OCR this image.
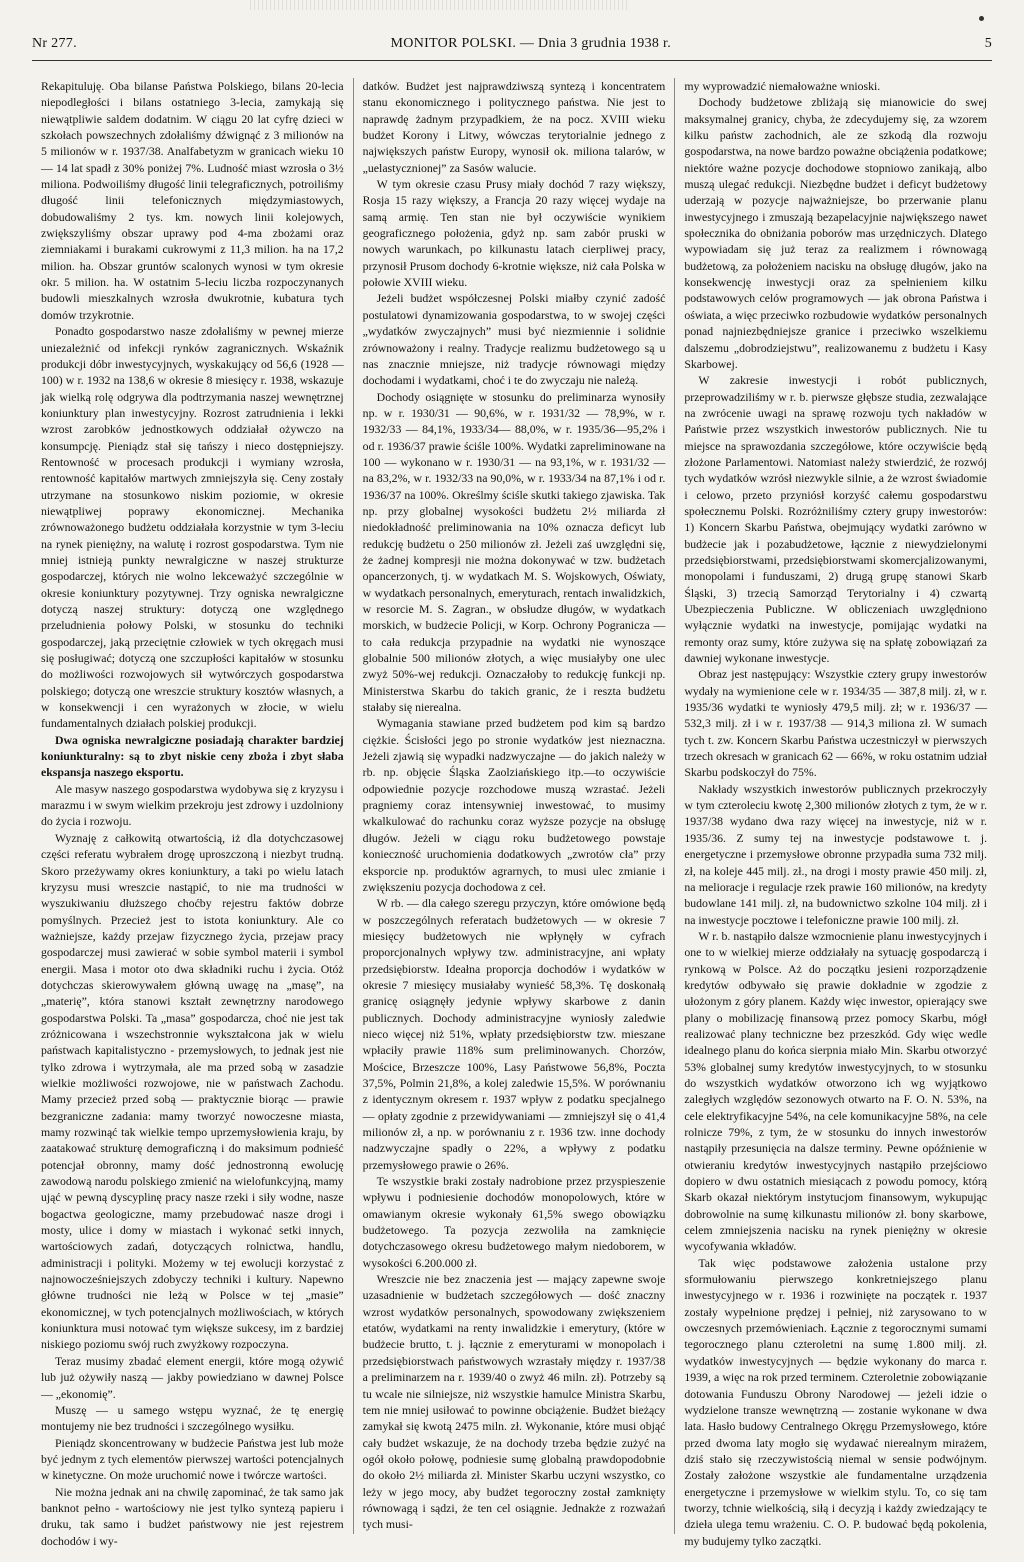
Nr 277.	MONITOR POLSKI. — Dnia 3 grudnia 1938 r.	5

Rekapituluję. Oba bilanse Państwa Polskiego, bilans 20-lecia niepodległości i bilans ostatniego 3-lecia, zamykają się niewątpliwie saldem dodatnim. W ciągu 20 lat cyfrę dzieci w szkołach powszechnych zdołaliśmy dźwignąć z 3 milionów na 5 milionów w r. 1937/38. Analfabetyzm w granicach wieku 10 — 14 lat spadł z 30% poniżej 7%. Ludność miast wzrosła o 3½ miliona. Podwoiliśmy długość linii telegraficznych, potroiliśmy długość linii telefonicznych międzymiastowych, dobudowaliśmy 2 tys. km. nowych linii kolejowych, zwiększyliśmy obszar uprawy pod 4-ma zbożami oraz ziemniakami i burakami cukrowymi z 11,3 milion. ha na 17,2 milion. ha. Obszar gruntów scalonych wynosi w tym okresie okr. 5 milion. ha. W ostatnim 5-leciu liczba rozpoczynanych budowli mieszkalnych wzrosła dwukrotnie, kubatura tych domów trzykrotnie.

Ponadto gospodarstwo nasze zdołaliśmy w pewnej mierze uniezależnić od infekcji rynków zagranicznych. Wskaźnik produkcji dóbr inwestycyjnych, wyskakujący od 56,6 (1928 — 100) w r. 1932 na 138,6 w okresie 8 miesięcy r. 1938, wskazuje jak wielką rolę odgrywa dla podtrzymania naszej wewnętrznej koniunktury plan inwestycyjny. Rozrost zatrudnienia i lekki wzrost zarobków jednostkowych oddziałał ożywczo na konsumpcję. Pieniądz stał się tańszy i nieco dostępniejszy. Rentowność w procesach produkcji i wymiany wzrosła, rentowność kapitałów martwych zmniejszyła się. Ceny zostały utrzymane na stosunkowo niskim poziomie, w okresie niewątpliwej poprawy ekonomicznej. Mechanika zrównoważonego budżetu oddziałała korzystnie w tym 3-leciu na rynek pieniężny, na walutę i rozrost gospodarstwa. Tym nie mniej istnieją punkty newralgiczne w naszej strukturze gospodarczej, których nie wolno lekceważyć szczególnie w okresie koniunktury pozytywnej. Trzy ogniska newralgiczne dotyczą naszej struktury: dotyczą one względnego przeludnienia połowy Polski, w stosunku do techniki gospodarczej, jaką przeciętnie człowiek w tych okręgach musi się posługiwać; dotyczą one szczupłości kapitałów w stosunku do możliwości rozwojowych sił wytwórczych gospodarstwa polskiego; dotyczą one wreszcie struktury kosztów własnych, a w konsekwencji i cen wyrażonych w złocie, w wielu fundamentalnych działach polskiej produkcji.

Dwa ogniska newralgiczne posiadają charakter bardziej koniunkturalny: są to zbyt niskie ceny zboża i zbyt słaba ekspansja naszego eksportu.

Ale masyw naszego gospodarstwa wydobywa się z kryzysu i marazmu i w swym wielkim przekroju jest zdrowy i uzdolniony do życia i rozwoju.

Wyznaję z całkowitą otwartością, iż dla dotychczasowej części referatu wybrałem drogę uproszczoną i niezbyt trudną. Skoro przeżywamy okres koniunktury, a taki po wielu latach kryzysu musi wreszcie nastąpić, to nie ma trudności w wyszukiwaniu dłuższego choćby rejestru faktów dobrze pomyślnych. Przecież jest to istota koniunktury. Ale co ważniejsze, każdy przejaw fizycznego życia, przejaw pracy gospodarczej musi zawierać w sobie symbol materii i symbol energii. Masa i motor oto dwa składniki ruchu i życia. Otóż dotychczas skierowywałem główną uwagę na „masę”, na „materię”, która stanowi kształt zewnętrzny narodowego gospodarstwa Polski. Ta „masa” gospodarcza, choć nie jest tak zróżnicowana i wszechstronnie wykształcona jak w wielu państwach kapitalistyczno - przemysłowych, to jednak jest nie tylko zdrowa i wytrzymała, ale ma przed sobą w zasadzie wielkie możliwości rozwojowe, nie w państwach Zachodu. Mamy przecież przed sobą — praktycznie biorąc — prawie bezgraniczne zadania: mamy tworzyć nowoczesne miasta, mamy rozwinąć tak wielkie tempo uprzemysłowienia kraju, by zaatakować strukturę demograficzną i do maksimum podnieść potencjał obronny, mamy dość jednostronną ewolucję zawodową narodu polskiego zmienić na wielofunkcyjną, mamy ująć w pewną dyscyplinę pracy nasze rzeki i siły wodne, nasze bogactwa geologiczne, mamy przebudować nasze drogi i mosty, ulice i domy w miastach i wykonać setki innych, wartościowych zadań, dotyczących rolnictwa, handlu, administracji i polityki. Możemy w tej ewolucji korzystać z najnowocześniejszych zdobyczy techniki i kultury. Napewno główne trudności nie leżą w Polsce w tej „masie” ekonomicznej, w tych potencjalnych możliwościach, w których koniunktura musi notować tym większe sukcesy, im z bardziej niskiego poziomu swój ruch zwyżkowy rozpoczyna.

Teraz musimy zbadać element energii, które mogą ożywić lub już ożywiły naszą — jakby powiedziano w dawnej Polsce — „ekonomię”.

Muszę — u samego wstępu wyznać, że tę energię montujemy nie bez trudności i szczególnego wysiłku.

Pieniądz skoncentrowany w budżecie Państwa jest lub może być jednym z tych elementów pierwszej wartości potencjalnych w kinetyczne. On może uruchomić nowe i twórcze wartości.

Nie można jednak ani na chwilę zapominać, że tak samo jak banknot pełno - wartościowy nie jest tylko syntezą papieru i druku, tak samo i budżet państwowy nie jest rejestrem dochodów i wy-

datków. Budżet jest najprawdziwszą syntezą i koncentratem stanu ekonomicznego i politycznego państwa. Nie jest to naprawdę żadnym przypadkiem, że na pocz. XVIII wieku budżet Korony i Litwy, wówczas terytorialnie jednego z największych państw Europy, wynosił ok. miliona talarów, w „uelastycznionej” za Sasów walucie.

W tym okresie czasu Prusy miały dochód 7 razy większy, Rosja 15 razy większy, a Francja 20 razy więcej wydaje na samą armię. Ten stan nie był oczywiście wynikiem geograficznego położenia, gdyż np. sam zabór pruski w nowych warunkach, po kilkunastu latach cierpliwej pracy, przynosił Prusom dochody 6-krotnie większe, niż cała Polska w połowie XVIII wieku.

Jeżeli budżet współczesnej Polski miałby czynić zadość postulatowi dynamizowania gospodarstwa, to w swojej części „wydatków zwyczajnych” musi być niezmiennie i solidnie zrównoważony i realny. Tradycje realizmu budżetowego są u nas znacznie mniejsze, niż tradycje równowagi między dochodami i wydatkami, choć i te do zwyczaju nie należą.

Dochody osiągnięte w stosunku do preliminarza wynosiły np. w r. 1930/31 — 90,6%, w r. 1931/32 — 78,9%, w r. 1932/33 — 84,1%, 1933/34— 88,0%, w r. 1935/36—95,2% i od r. 1936/37 prawie ściśle 100%. Wydatki zapreliminowane na 100 — wykonano w r. 1930/31 — na 93,1%, w r. 1931/32 — na 83,2%, w r. 1932/33 na 90,0%, w r. 1933/34 na 87,1% i od r. 1936/37 na 100%. Określmy ściśle skutki takiego zjawiska. Tak np. przy globalnej wysokości budżetu 2½ miliarda zł niedokładność preliminowania na 10% oznacza deficyt lub redukcję budżetu o 250 milionów zł. Jeżeli zaś uwzględni się, że żadnej kompresji nie można dokonywać w tzw. budżetach opancerzonych, tj. w wydatkach M. S. Wojskowych, Oświaty, w wydatkach personalnych, emeryturach, rentach inwalidzkich, w resorcie M. S. Zagran., w obsłudze długów, w wydatkach morskich, w budżecie Policji, w Korp. Ochrony Pogranicza — to cała redukcja przypadnie na wydatki nie wynoszące globalnie 500 milionów złotych, a więc musiałyby one ulec zwyż 50%-wej redukcji. Oznaczałoby to redukcję funkcji np. Ministerstwa Skarbu do takich granic, że i reszta budżetu stałaby się nierealna.

Wymagania stawiane przed budżetem pod kim są bardzo ciężkie. Ścisłości jego po stronie wydatków jest nieznaczna. Jeżeli zjawią się wypadki nadzwyczajne — do jakich należy w rb. np. objęcie Śląska Zaolziańskiego itp.—to oczywiście odpowiednie pozycje rozchodowe muszą wzrastać. Jeżeli pragniemy coraz intensywniej inwestować, to musimy wkalkulować do rachunku coraz wyższe pozycje na obsługę długów. Jeżeli w ciągu roku budżetowego powstaje konieczność uruchomienia dodatkowych „zwrotów cła” przy eksporcie np. produktów agrarnych, to musi ulec zmianie i zwiększeniu pozycja dochodowa z ceł.

W rb. — dla całego szeregu przyczyn, które omówione będą w poszczególnych referatach budżetowych — w okresie 7 miesięcy budżetowych nie wpłynęły w cyfrach proporcjonalnych wpływy tzw. administracyjne, ani wpłaty przedsiębiorstw. Ideałna proporcja dochodów i wydatków w okresie 7 miesięcy musiałaby wynieść 58,3%. Tę doskonałą granicę osiągnęły jedynie wpływy skarbowe z danin publicznych. Dochody administracyjne wyniosły zaledwie nieco więcej niż 51%, wpłaty przedsiębiorstw tzw. mieszane wpłaciły prawie 118% sum preliminowanych. Chorzów, Mościce, Brzeszcze 100%, Lasy Państwowe 56,8%, Poczta 37,5%, Polmin 21,8%, a kolej zaledwie 15,5%. W porównaniu z identycznym okresem r. 1937 wpływ z podatku specjalnego — opłaty zgodnie z przewidywaniami — zmniejszył się o 41,4 milionów zł, a np. w porównaniu z r. 1936 tzw. inne dochody nadzwyczajne spadły o 22%, a wpływy z podatku przemysłowego prawie o 26%.

Te wszystkie braki zostały nadrobione przez przyspieszenie wpływu i podniesienie dochodów monopolowych, które w omawianym okresie wykonały 61,5% swego obowiązku budżetowego. Ta pozycja zezwoliła na zamknięcie dotychczasowego okresu budżetowego małym niedoborem, w wysokości 6.200.000 zł.

Wreszcie nie bez znaczenia jest — mający zapewne swoje uzasadnienie w budżetach szczegółowych — dość znaczny wzrost wydatków personalnych, spowodowany zwiększeniem etatów, wydatkami na renty inwalidzkie i emerytury, (które w budżecie brutto, t. j. łącznie z emeryturami w monopolach i przedsiębiorstwach państwowych wzrastały między r. 1937/38 a preliminarzem na r. 1939/40 o zwyż 46 miln. zł). Potrzeby są tu wcale nie silniejsze, niż wszystkie hamulce Ministra Skarbu, tem nie mniej usiłować to powinne obciążenie. Budżet bieżący zamykał się kwotą 2475 miln. zł. Wykonanie, które musi objąć cały budżet wskazuje, że na dochody trzeba będzie zużyć na ogół około połowę, podniesie sumę globalną prawdopodobnie do około 2½ miliarda zł. Minister Skarbu uczyni wszystko, co leży w jego mocy, aby budżet tegoroczny został zamknięty równowagą i sądzi, że ten cel osiągnie. Jednakże z rozważań tych musi-

my wyprowadzić niemałoważne wnioski.

Dochody budżetowe zbliżają się mianowicie do swej maksymalnej granicy, chyba, że zdecydujemy się, za wzorem kilku państw zachodnich, ale ze szkodą dla rozwoju gospodarstwa, na nowe bardzo poważne obciążenia podatkowe; niektóre ważne pozycje dochodowe stopniowo zanikają, albo muszą ulegać redukcji. Niezbędne budżet i deficyt budżetowy uderzają w pozycje najważniejsze, bo przerwanie planu inwestycyjnego i zmuszają bezapelacyjnie największego nawet społecznika do obniżania poborów mas urzędniczych. Dlatego wypowiadam się już teraz za realizmem i równowagą budżetową, za położeniem nacisku na obsługę długów, jako na konsekwencję inwestycji oraz za spełnieniem kilku podstawowych celów programowych — jak obrona Państwa i oświata, a więc przeciwko rozbudowie wydatków personalnych ponad najniezbędniejsze granice i przeciwko wszelkiemu dalszemu „dobrodziejstwu”, realizowanemu z budżetu i Kasy Skarbowej.

W zakresie inwestycji i robót publicznych, przeprowadziliśmy w r. b. pierwsze głębsze studia, zezwalające na zwrócenie uwagi na sprawę rozwoju tych nakładów w Państwie przez wszystkich inwestorów publicznych. Nie tu miejsce na sprawozdania szczegółowe, które oczywiście będą złożone Parlamentowi. Natomiast należy stwierdzić, że rozwój tych wydatków wzrósł niezwykle silnie, a że wzrost świadomie i celowo, przeto przyniósł korzyść całemu gospodarstwu społecznemu Polski. Rozróżniliśmy cztery grupy inwestorów: 1) Koncern Skarbu Państwa, obejmujący wydatki zarówno w budżecie jak i pozabudżetowe, łącznie z niewydzielonymi przedsiębiorstwami, przedsiębiorstwami skomercjalizowanymi, monopolami i funduszami, 2) drugą grupę stanowi Skarb Śląski, 3) trzecią Samorząd Terytorialny i 4) czwartą Ubezpieczenia Publiczne. W obliczeniach uwzględniono wyłącznie wydatki na inwestycje, pomijając wydatki na remonty oraz sumy, które zużywa się na spłatę zobowiązań za dawniej wykonane inwestycje.

Obraz jest następujący: Wszystkie cztery grupy inwestorów wydały na wymienione cele w r. 1934/35 — 387,8 milj. zł, w r. 1935/36 wydatki te wyniosły 479,5 milj. zł; w r. 1936/37 — 532,3 milj. zł i w r. 1937/38 — 914,3 miliona zł. W sumach tych t. zw. Koncern Skarbu Państwa uczestniczył w pierwszych trzech okresach w granicach 62 — 66%, w roku ostatnim udział Skarbu podskoczył do 75%.

Nakłady wszystkich inwestorów publicznych przekroczyły w tym czteroleciu kwotę 2,300 milionów złotych z tym, że w r. 1937/38 wydano dwa razy więcej na inwestycje, niż w r. 1935/36. Z sumy tej na inwestycje podstawowe t. j. energetyczne i przemysłowe obronne przypadła suma 732 milj. zł, na koleje 445 milj. zł., na drogi i mosty prawie 450 milj. zł, na melioracje i regulacje rzek prawie 160 milionów, na kredyty budowlane 141 milj. zł, na budownictwo szkolne 104 milj. zł i na inwestycje pocztowe i telefoniczne prawie 100 milj. zł.

W r. b. nastąpiło dalsze wzmocnienie planu inwestycyjnych i one to w wielkiej mierze oddziałały na sytuację gospodarczą i rynkową w Polsce. Aż do początku jesieni rozporządzenie kredytów odbywało się prawie dokładnie w zgodzie z ułożonym z góry planem. Każdy więc inwestor, opierający swe plany o mobilizację finansową przez pomocy Skarbu, mógł realizować plany techniczne bez przeszkód. Gdy więc wedle idealnego planu do końca sierpnia miało Min. Skarbu otworzyć 53% globalnej sumy kredytów inwestycyjnych, to w stosunku do wszystkich wydatków otworzono ich wg wyjątkowo zaległych względów sezonowych otwarto na F. O. N. 53%, na cele elektryfikacyjne 54%, na cele komunikacyjne 58%, na cele rolnicze 79%, z tym, że w stosunku do innych inwestorów nastąpiły przesunięcia na dalsze terminy. Pewne opóźnienie w otwieraniu kredytów inwestycyjnych nastąpiło przejściowo dopiero w dwu ostatnich miesiącach z powodu pomocy, którą Skarb okazał niektórym instytucjom finansowym, wykupując dobrowolnie na sumę kilkunastu milionów zł. bony skarbowe, celem zmniejszenia nacisku na rynek pieniężny w okresie wycofywania wkładów.

Tak więc podstawowe założenia ustalone przy sformułowaniu pierwszego konkretniejszego planu inwestycyjnego w r. 1936 i rozwinięte na początek r. 1937 zostały wypełnione prędzej i pełniej, niż zarysowano to w owczesnych przemówieniach. Łącznie z tegorocznymi sumami tegorocznego planu czteroletni na sumę 1.800 milj. zł. wydatków inwestycyjnych — będzie wykonany do marca r. 1939, a więc na rok przed terminem. Czteroletnie zobowiązanie dotowania Funduszu Obrony Narodowej — jeżeli idzie o wydzielone transze wewnętrzną — zostanie wykonane w dwa lata. Hasło budowy Centralnego Okręgu Przemysłowego, które przed dwoma laty mogło się wydawać nierealnym mirażem, dziś stało się rzeczywistością niemal w sensie podwójnym. Zostały założone wszystkie ale fundamentalne urządzenia energetyczne i przemysłowe w wielkim stylu. To, co się tam tworzy, tchnie wielkością, siłą i decyzją i każdy zwiedzający te dzieła ulega temu wrażeniu. C. O. P. budować będą pokolenia, my budujemy tylko zaczątki.
